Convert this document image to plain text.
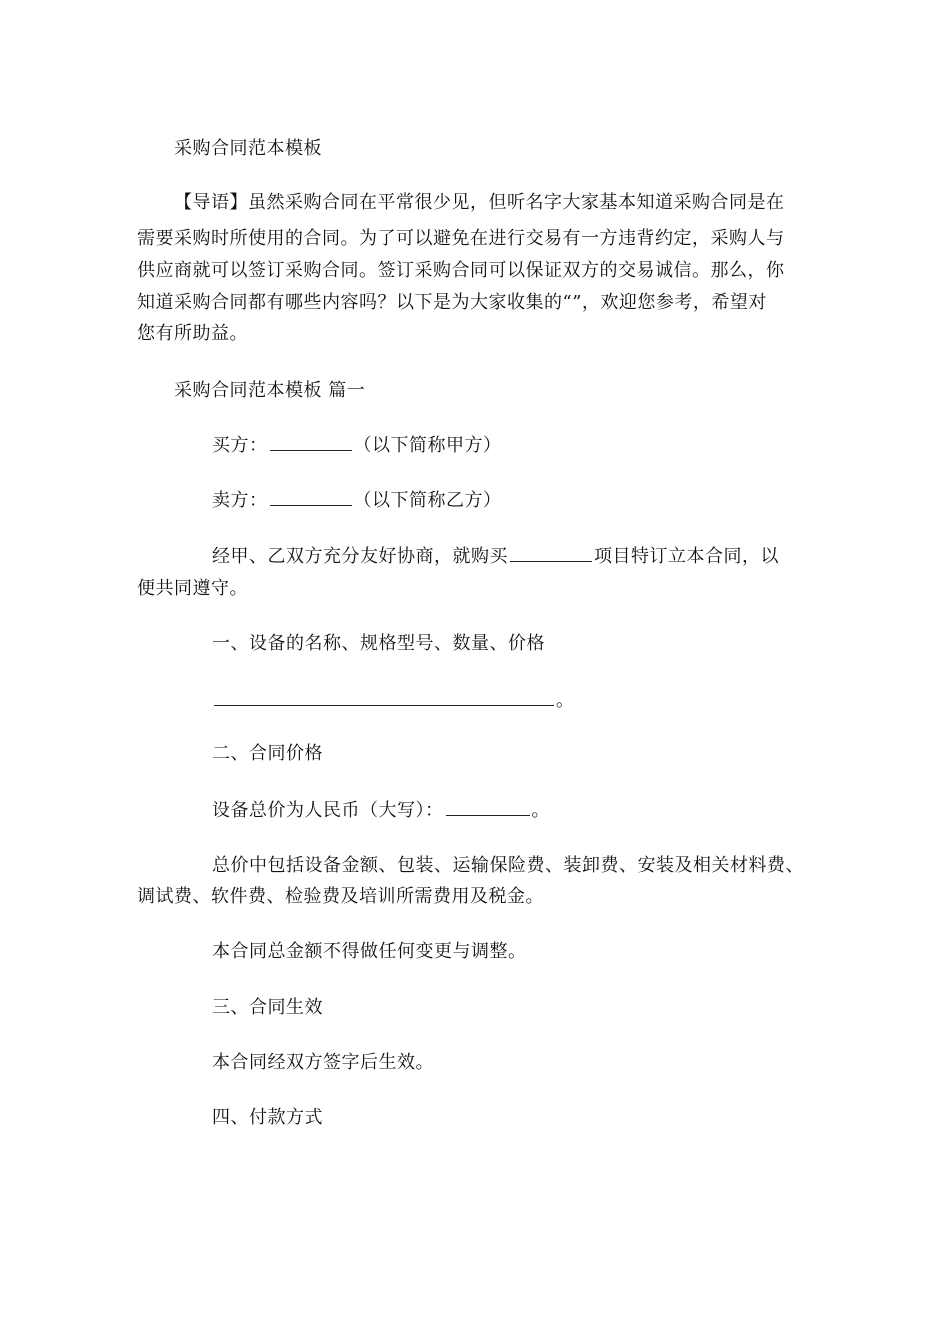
采购合同范本模板
【导语】虽然采购合同在平常很少见，但听名字大家基本知道采购合同是在
需要采购时所使用的合同。为了可以避免在进行交易有一方违背约定，采购人与
供应商就可以签订采购合同。签订采购合同可以保证双方的交易诚信。那么，你
知道采购合同都有哪些内容吗？以下是为大家收集的“”，欢迎您参考，希望对
您有所助益。
采购合同范本模板 篇一
买方：	（以下简称甲方）
卖方：	（以下简称乙方）
经甲、乙双方充分友好协商，就购买	项目特订立本合同，以
便共同遵守。
一、设备的名称、规格型号、数量、价格
。
二、合同价格
设备总价为人民币（大写）：	。
总价中包括设备金额、包装、运输保险费、装卸费、安装及相关材料费、
调试费、软件费、检验费及培训所需费用及税金。
本合同总金额不得做任何变更与调整。
三、合同生效
本合同经双方签字后生效。
四、付款方式
